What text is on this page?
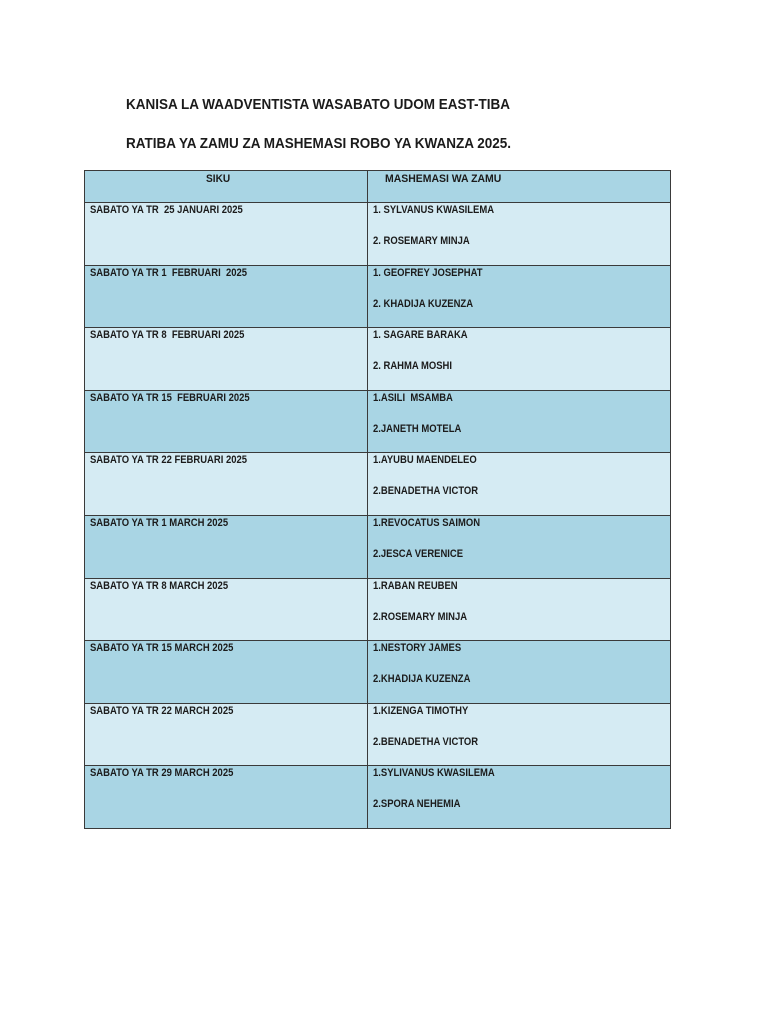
KANISA LA WAADVENTISTA WASABATO UDOM EAST-TIBA
RATIBA YA ZAMU ZA MASHEMASI ROBO YA KWANZA 2025.
SIKU	MASHEMASI WA ZAMU
SABATO YA TR  25 JANUARI 2025	1. SYLVANUS KWASILEMA
2. ROSEMARY MINJA
SABATO YA TR 1  FEBRUARI  2025	1. GEOFREY JOSEPHAT
2. KHADIJA KUZENZA
SABATO YA TR 8  FEBRUARI 2025	1. SAGARE BARAKA
2. RAHMA MOSHI
SABATO YA TR 15  FEBRUARI 2025	1.ASILI  MSAMBA
2.JANETH MOTELA
SABATO YA TR 22 FEBRUARI 2025	1.AYUBU MAENDELEO
2.BENADETHA VICTOR
SABATO YA TR 1 MARCH 2025	1.REVOCATUS SAIMON
2.JESCA VERENICE
SABATO YA TR 8 MARCH 2025	1.RABAN REUBEN
2.ROSEMARY MINJA
SABATO YA TR 15 MARCH 2025	1.NESTORY JAMES
2.KHADIJA KUZENZA
SABATO YA TR 22 MARCH 2025	1.KIZENGA TIMOTHY
2.BENADETHA VICTOR
SABATO YA TR 29 MARCH 2025	1.SYLIVANUS KWASILEMA
2.SPORA NEHEMIA
